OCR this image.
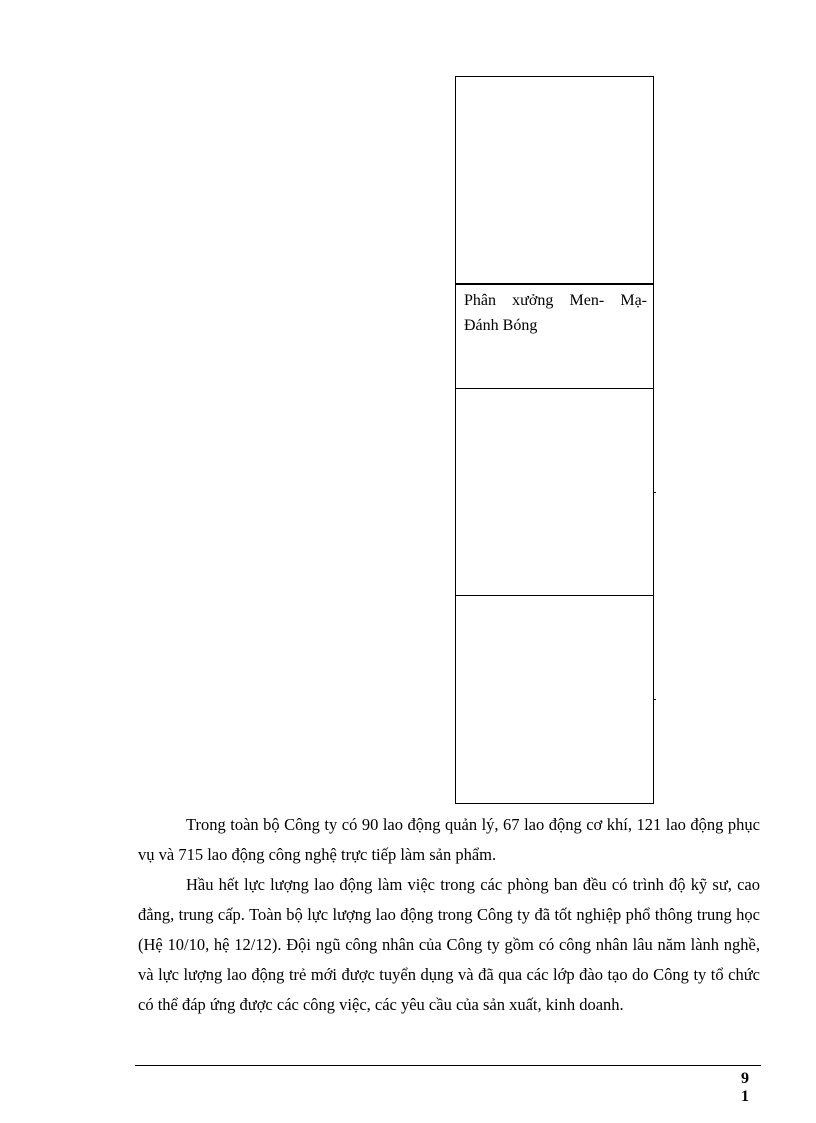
Phân xưởng Men- Mạ- Đánh Bóng

Trong toàn bộ Công ty có 90 lao động quản lý, 67 lao động cơ khí, 121 lao động phục vụ và 715 lao động công nghệ trực tiếp làm sản phẩm.

Hầu hết lực lượng lao động làm việc trong các phòng ban đều có trình độ kỹ sư, cao đẳng, trung cấp. Toàn bộ lực lượng lao động trong Công ty đã tốt nghiệp phổ thông trung học (Hệ 10/10, hệ 12/12). Đội ngũ công nhân của Công ty gồm có công nhân lâu năm lành nghề, và lực lượng lao động trẻ mới được tuyển dụng và đã qua các lớp đào tạo do Công ty tổ chức có thể đáp ứng được các công việc, các yêu cầu của sản xuất, kinh doanh.

9
1
